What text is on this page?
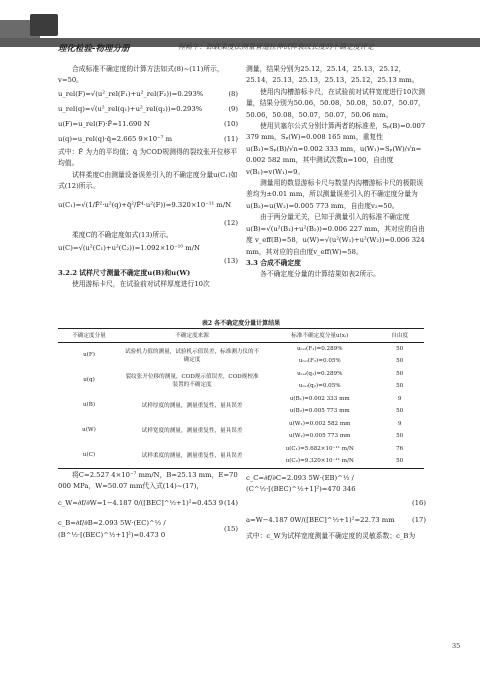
理化检验-物理分册	程畅午：卸载柔度法测量管道拉伸试样裂纹长度的不确定度评定

合成标准不确定度的计算方法如式(8)~(11)所示，v=50。

u_rel(F)=√(u²_rel(F₁)+u²_rel(F₂))=0.293%	(8)
u_rel(q)=√(u²_rel(q₁)+u²_rel(q₂))=0.293%	(9)
u(F)=u_rel(F)·F̄=11.690 N	(10)
u(q)=u_rel(q)·q̄=2.665 9×10⁻⁷ m	(11)

式中：F̄ 为力的平均值；q̄ 为COD规测得的裂纹张开位移平均值。

试样柔度C由测量设备误差引入的不确定度分量u(C₁)如式(12)所示。

u(C₁)=√(1/F̄²·u²(q)+q̄²/F̄⁴·u²(F))=9.320×10⁻¹¹ m/N
(12)

柔度C的不确定度如式(13)所示。

u(C)=√(u²(C₁)+u²(C₂))=1.092×10⁻¹⁰ m/N
(13)

3.2.2 试样尺寸测量不确定度u(B)和u(W)

使用游标卡尺，在试验前对试样厚度进行10次

测量，结果分别为25.12，25.14，25.13，25.12，25.14，25.13，25.13，25.13，25.12，25.13 mm。

使用内沟槽游标卡尺，在试验前对试样宽度进行10次测量，结果分别为50.06，50.08，50.08，50.07，50.07，50.06，50.08，50.07，50.07，50.06 mm。

使用贝塞尔公式分别计算两者的标准差，Sₚ(B)=0.007 379 mm，Sₚ(W)=0.008 165 mm，重复性

u(B₁)=Sₚ(B)/√n=0.002 333 mm，u(W₁)=Sₚ(W)/√n=

0.002 582 mm，其中测试次数n=100，自由度

v(B₁)=v(W₁)=9。

测量用的数显游标卡尺与数显内沟槽游标卡尺的极限误差均为±0.01 mm，所以测量误差引入的不确定度分量为u(B₂)=u(W₂)=0.005 773 mm，自由度v₂=50。

由于两分量无关，已知于测量引入的标准不确定度

u(B)=√(u²(B₁)+u²(B₂))=0.006 227 mm，其对应的自由度 v_eff(B)=58，u(W)=√(u²(W₁)+u²(W₂))=0.006 324 mm，其对应的自由度v_eff(W)=58。

3.3 合成不确定度

各不确定度分量的计算结果如表2所示。

表2 各不确定度分量计算结果
不确定度分量	不确定度来源	标准不确定度分量u(xᵢ)	自由度
u(F)	试验机力值的测量，试验机示值误差，标准测力仪的不确定度	uᵣₑₗ(F₁)=0.289%	50
		uᵣₑₗ(F₂)=0.05%	50
u(q)	裂纹张开位移的测量，COD规示值误差，COD规校准装置的不确定度	uᵣₑₗ(q₁)=0.289%	50
		uᵣₑₗ(q₂)=0.05%	50
u(B)	试样厚度的测量，测量重复性，量具误差	u(B₁)=0.002 333 mm	9
		u(B₂)=0.005 773 mm	50
u(W)	试样宽度的测量，测量重复性，量具误差	u(W₁)=0.002 582 mm	9
		u(W₂)=0.005 773 mm	50
u(C)	试样柔度的测量，测量重复性，量具误差	u(C₁)=5.682×10⁻¹¹ m/N	76
		u(C₂)=9.320×10⁻¹¹ m/N	50

将C=2.527 4×10⁻⁷ mm/N，B=25.13 mm，E=70 000 MPa，W=50.07 mm代入式(14)~(17)，

c_W=∂f/∂W=1−4.187 0/([BEC]^½+1)²=0.453 9 (14)
c_B=∂f/∂B=2.093 5W·(EC)^½ / (B^½·[(BEC)^½+1]²)=0.473 0
(15)
c_C=∂f/∂C=2.093 5W·(EB)^½ / (C^½·[(BEC)^½+1]²)=470 346
(16)
a=W−4.187 0W/([BEC]^½+1)²=22.73 mm	(17)

式中：c_W为试样宽度测量不确定度的灵敏系数；c_B为

35
